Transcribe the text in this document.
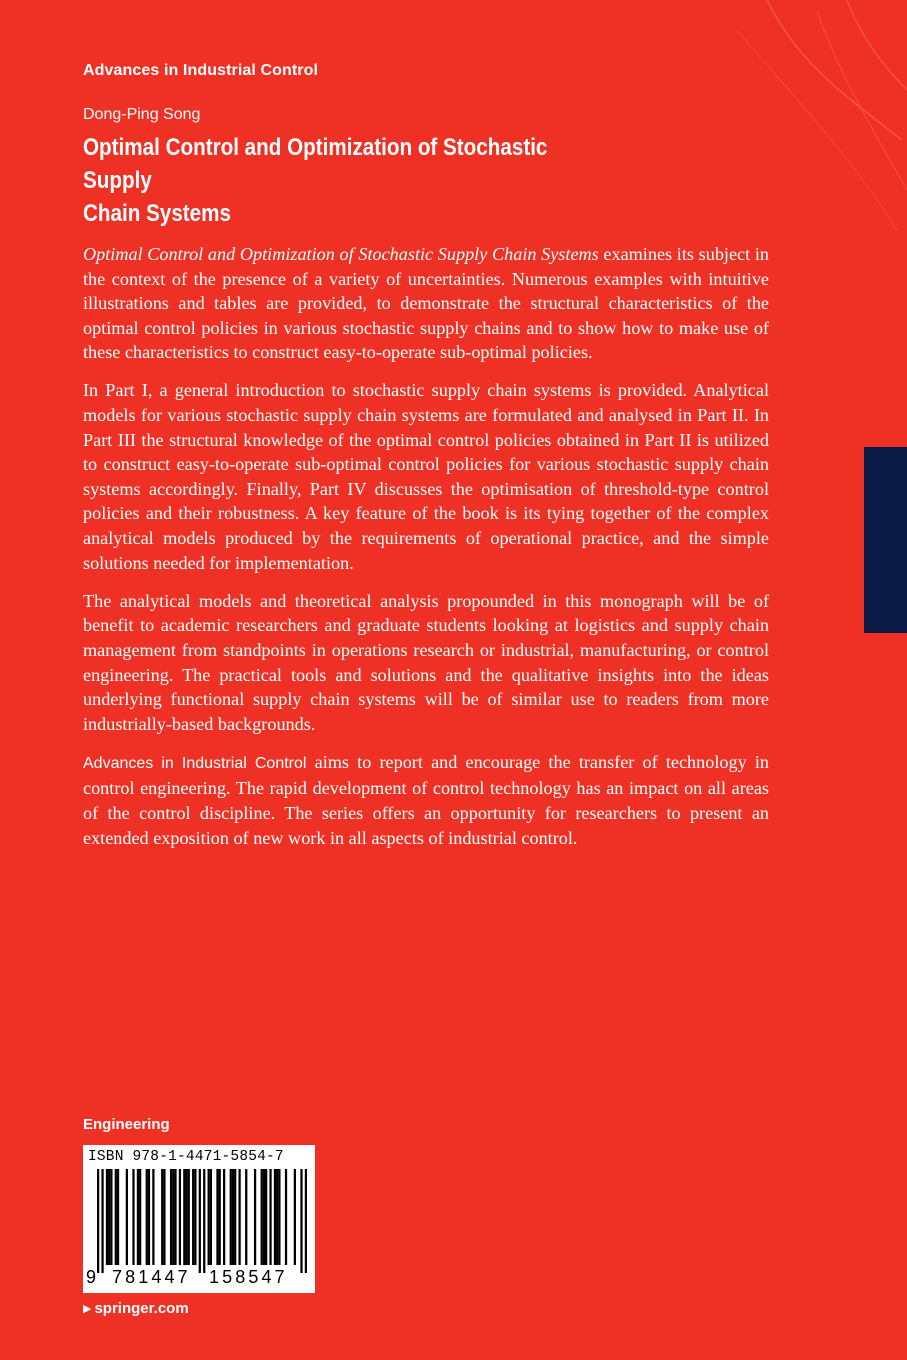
Advances in Industrial Control
Dong-Ping Song
Optimal Control and Optimization of Stochastic Supply
Chain Systems

Optimal Control and Optimization of Stochastic Supply Chain Systems examines its subject in the context of the presence of a variety of uncertainties. Numerous examples with intuitive illustrations and tables are provided, to demonstrate the structural characteristics of the optimal control policies in various stochastic supply chains and to show how to make use of these characteristics to construct easy-to-operate sub-optimal policies.

In Part I, a general introduction to stochastic supply chain systems is provided. Analytical models for various stochastic supply chain systems are formulated and analysed in Part II. In Part III the structural knowledge of the optimal control policies obtained in Part II is utilized to construct easy-to-operate sub-optimal control policies for various stochastic supply chain systems accordingly. Finally, Part IV discusses the optimisation of threshold-type control policies and their robustness. A key feature of the book is its tying together of the complex analytical models produced by the requirements of operational practice, and the simple solutions needed for implementation.

The analytical models and theoretical analysis propounded in this monograph will be of benefit to academic researchers and graduate students looking at logistics and supply chain management from standpoints in operations research or industrial, manufacturing, or control engineering. The practical tools and solutions and the qualitative insights into the ideas underlying functional supply chain systems will be of similar use to readers from more industrially-based backgrounds.

Advances in Industrial Control aims to report and encourage the transfer of technology in control engineering. The rapid development of control technology has an impact on all areas of the control discipline. The series offers an opportunity for researchers to present an extended exposition of new work in all aspects of industrial control.

Engineering
ISBN 978-1-4471-5854-7
9 781447 158547
▶ springer.com
